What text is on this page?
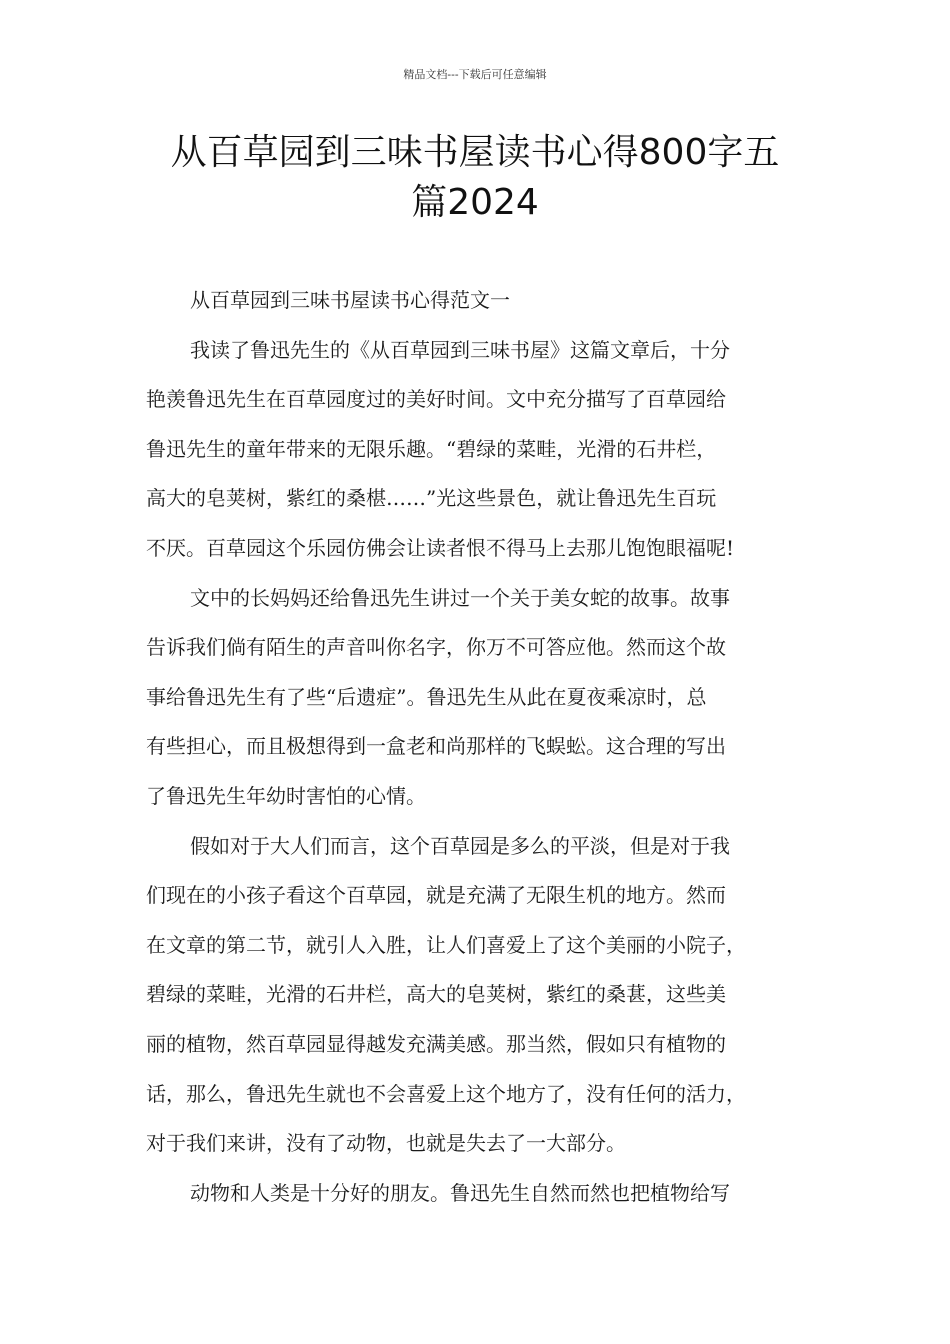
精品文档---下载后可任意编辑
从百草园到三味书屋读书心得800字五
篇2024
从百草园到三味书屋读书心得范文一
我读了鲁迅先生的《从百草园到三味书屋》这篇文章后，十分
艳羡鲁迅先生在百草园度过的美好时间。文中充分描写了百草园给
鲁迅先生的童年带来的无限乐趣。“碧绿的菜畦，光滑的石井栏，
高大的皂荚树，紫红的桑椹……”光这些景色，就让鲁迅先生百玩
不厌。百草园这个乐园仿佛会让读者恨不得马上去那儿饱饱眼福呢!
文中的长妈妈还给鲁迅先生讲过一个关于美女蛇的故事。故事
告诉我们倘有陌生的声音叫你名字，你万不可答应他。然而这个故
事给鲁迅先生有了些“后遗症”。鲁迅先生从此在夏夜乘凉时，总
有些担心，而且极想得到一盒老和尚那样的飞蜈蚣。这合理的写出
了鲁迅先生年幼时害怕的心情。
假如对于大人们而言，这个百草园是多么的平淡，但是对于我
们现在的小孩子看这个百草园，就是充满了无限生机的地方。然而
在文章的第二节，就引人入胜，让人们喜爱上了这个美丽的小院子，
碧绿的菜畦，光滑的石井栏，高大的皂荚树，紫红的桑葚，这些美
丽的植物，然百草园显得越发充满美感。那当然，假如只有植物的
话，那么，鲁迅先生就也不会喜爱上这个地方了，没有任何的活力，
对于我们来讲，没有了动物，也就是失去了一大部分。
动物和人类是十分好的朋友。鲁迅先生自然而然也把植物给写
